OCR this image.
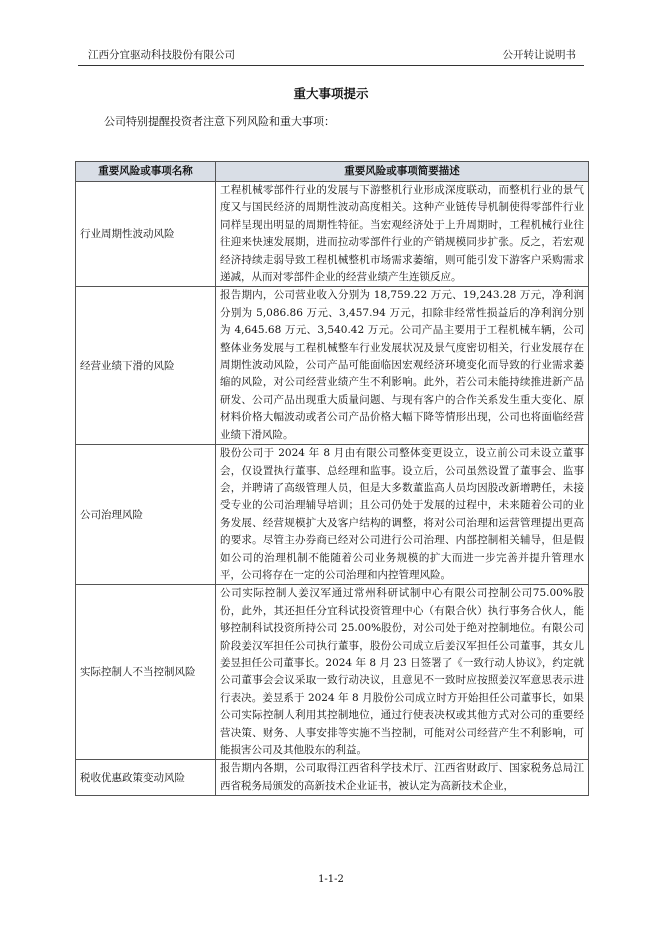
江西分宜驱动科技股份有限公司	公开转让说明书
重大事项提示
公司特别提醒投资者注意下列风险和重大事项：
重要风险或事项名称	重要风险或事项简要描述
行业周期性波动风险	工程机械零部件行业的发展与下游整机行业形成深度联动，而整机行业的景气度又与国民经济的周期性波动高度相关。这种产业链传导机制使得零部件行业同样呈现出明显的周期性特征。当宏观经济处于上升周期时，工程机械行业往往迎来快速发展期，进而拉动零部件行业的产销规模同步扩张。反之，若宏观经济持续走弱导致工程机械整机市场需求萎缩，则可能引发下游客户采购需求递减，从而对零部件企业的经营业绩产生连锁反应。
经营业绩下滑的风险	报告期内，公司营业收入分别为 18,759.22 万元、19,243.28 万元，净利润分别为 5,086.86 万元、3,457.94 万元，扣除非经常性损益后的净利润分别为 4,645.68 万元、3,540.42 万元。公司产品主要用于工程机械车辆，公司整体业务发展与工程机械整车行业发展状况及景气度密切相关，行业发展存在周期性波动风险，公司产品可能面临因宏观经济环境变化而导致的行业需求萎缩的风险，对公司经营业绩产生不利影响。此外，若公司未能持续推进新产品研发、公司产品出现重大质量问题、与现有客户的合作关系发生重大变化、原材料价格大幅波动或者公司产品价格大幅下降等情形出现，公司也将面临经营业绩下滑风险。
公司治理风险	股份公司于 2024 年 8 月由有限公司整体变更设立，设立前公司未设立董事会，仅设置执行董事、总经理和监事。设立后，公司虽然设置了董事会、监事会，并聘请了高级管理人员，但是大多数董监高人员均因股改新增聘任，未接受专业的公司治理辅导培训；且公司仍处于发展的过程中，未来随着公司的业务发展、经营规模扩大及客户结构的调整，将对公司治理和运营管理提出更高的要求。尽管主办券商已经对公司进行公司治理、内部控制相关辅导，但是假如公司的治理机制不能随着公司业务规模的扩大而进一步完善并提升管理水平，公司将存在一定的公司治理和内控管理风险。
实际控制人不当控制风险	公司实际控制人姜汉军通过常州科研试制中心有限公司控制公司75.00%股份，此外，其还担任分宜科试投资管理中心（有限合伙）执行事务合伙人，能够控制科试投资所持公司 25.00%股份，对公司处于绝对控制地位。有限公司阶段姜汉军担任公司执行董事，股份公司成立后姜汉军担任公司董事，其女儿姜昱担任公司董事长。2024 年 8 月 23 日签署了《一致行动人协议》，约定就公司董事会会议采取一致行动决议，且意见不一致时应按照姜汉军意思表示进行表决。姜昱系于 2024 年 8 月股份公司成立时方开始担任公司董事长，如果公司实际控制人利用其控制地位，通过行使表决权或其他方式对公司的重要经营决策、财务、人事安排等实施不当控制，可能对公司经营产生不利影响，可能损害公司及其他股东的利益。
税收优惠政策变动风险	报告期内各期，公司取得江西省科学技术厅、江西省财政厅、国家税务总局江西省税务局颁发的高新技术企业证书，被认定为高新技术企业，
1-1-2
